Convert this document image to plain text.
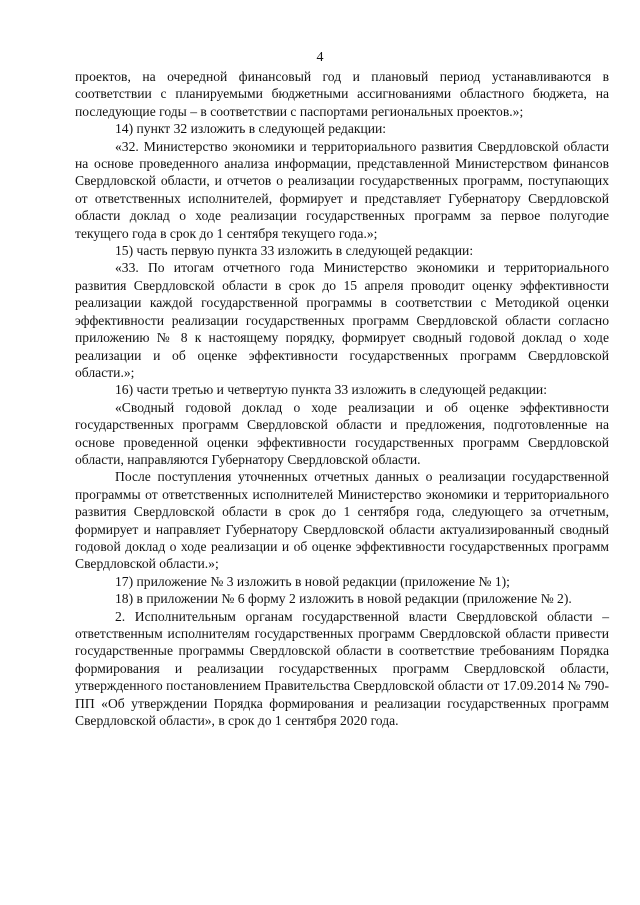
4

проектов, на очередной финансовый год и плановый период устанавливаются в соответствии с планируемыми бюджетными ассигнованиями областного бюджета, на последующие годы – в соответствии с паспортами региональных проектов.»;

14) пункт 32 изложить в следующей редакции:

«32. Министерство экономики и территориального развития Свердловской области на основе проведенного анализа информации, представленной Министерством финансов Свердловской области, и отчетов о реализации государственных программ, поступающих от ответственных исполнителей, формирует и представляет Губернатору Свердловской области доклад о ходе реализации государственных программ за первое полугодие текущего года в срок до 1 сентября текущего года.»;

15) часть первую пункта 33 изложить в следующей редакции:

«33. По итогам отчетного года Министерство экономики и территориального развития Свердловской области в срок до 15 апреля проводит оценку эффективности реализации каждой государственной программы в соответствии с Методикой оценки эффективности реализации государственных программ Свердловской области согласно приложению № 8 к настоящему порядку, формирует сводный годовой доклад о ходе реализации и об оценке эффективности государственных программ Свердловской области.»;

16) части третью и четвертую пункта 33 изложить в следующей редакции:

«Сводный годовой доклад о ходе реализации и об оценке эффективности государственных программ Свердловской области и предложения, подготовленные на основе проведенной оценки эффективности государственных программ Свердловской области, направляются Губернатору Свердловской области.

После поступления уточненных отчетных данных о реализации государственной программы от ответственных исполнителей Министерство экономики и территориального развития Свердловской области в срок до 1 сентября года, следующего за отчетным, формирует и направляет Губернатору Свердловской области актуализированный сводный годовой доклад о ходе реализации и об оценке эффективности государственных программ Свердловской области.»;

17) приложение № 3 изложить в новой редакции (приложение № 1);

18) в приложении № 6 форму 2 изложить в новой редакции (приложение № 2).

2. Исполнительным органам государственной власти Свердловской области – ответственным исполнителям государственных программ Свердловской области привести государственные программы Свердловской области в соответствие требованиям Порядка формирования и реализации государственных программ Свердловской области, утвержденного постановлением Правительства Свердловской области от 17.09.2014 № 790-ПП «Об утверждении Порядка формирования и реализации государственных программ Свердловской области», в срок до 1 сентября 2020 года.
